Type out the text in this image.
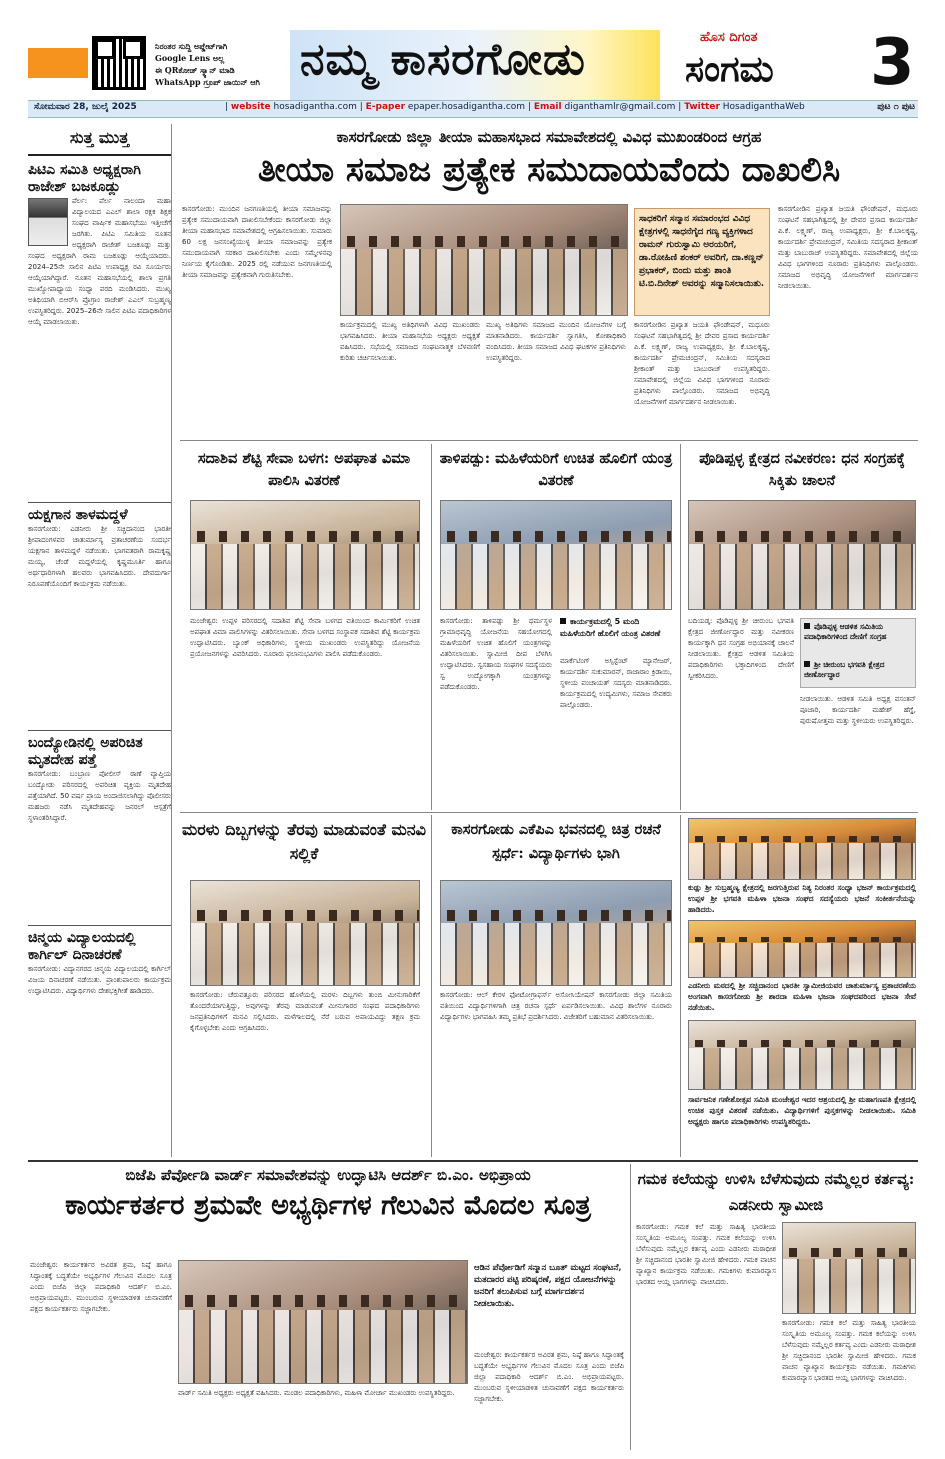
ನಿರಂತರ ಸುದ್ದಿ ಅಪ್ಡೇಟ್‌ಗಾಗಿ
Google Lens ಅಲ್ಲ
ಈ QRಕೋಡ್ ಸ್ಕ್ಯಾನ್ ಮಾಡಿ
WhatsApp ಗ್ರೂಪ್ ಜಾಯಿನ್ ಆಗಿ ನಮ್ಮ ಕಾಸರಗೋಡು	ಹೊಸ ದಿಗಂತ
ಸಂಗಮ 3
ಸೋಮವಾರ 28, ಜುಲೈ 2025	| website hosadigantha.com | E-paper epaper.hosadigantha.com | Email diganthamlr@gmail.com | Twitter HosadiganthaWeb	ಪುಟ ೧ ಪುಟ
ಸುತ್ತ ಮುತ್ತ
ಪಿಟಿಎ ಸಮಿತಿ ಅಧ್ಯಕ್ಷರಾಗಿ ರಾಜೇಶ್ ಬಜಕೂಡ್ಲು
ಪೆರ್ಲ: ಪೆರ್ಲ ನಾಲಂದಾ ಮಹಾ ವಿದ್ಯಾಲಯದ ಎಎಲ್ ಶಾಲಾ ರಕ್ಷಕ ಶಿಕ್ಷಕ ಸಂಘದ ವಾರ್ಷಿಕ ಮಹಾಸಭೆಯು ಇತ್ತೀಚೆಗೆ ಜರಗಿತು. ಪಿಟಿಎ ಸಮಿತಿಯ ನೂತನ ಅಧ್ಯಕ್ಷರಾಗಿ ರಾಜೇಶ್ ಬಜಕೂಡ್ಲು ಮತ್ತು ಸಂಘದ ಅಧ್ಯಕ್ಷರಾಗಿ ರಾಮ ಬಜಕೂಡ್ಲು ಆಯ್ಕೆಯಾದರು. 2024–25ನೇ ಸಾಲಿನ ಪಿಟಿಎ ಉಪಾಧ್ಯಕ್ಷ ರವಿ ಸೂರ್ಯರು ಆಯ್ಕೆಯಾಗಿದ್ದಾರೆ. ನೂತನ ಮಹಾಸಭೆಯಲ್ಲಿ ಶಾಲಾ ಪ್ರಗತಿ ಮುಖ್ಯೋಪಾಧ್ಯಾಯ ಸಂಧ್ಯಾ ವರದಿ ಮಂಡಿಸಿದರು. ಮುಖ್ಯ ಅತಿಥಿಯಾಗಿ ಬಿಆರ್‌ಸಿ ಪ್ರೊಗ್ರಾಂ ರಾಜೇಶ್ ಎಎಲ್ ಸುಬ್ರಹ್ಮಣ್ಯ ಉಪಸ್ಥಿತರಿದ್ದರು. 2025–26ನೇ ಸಾಲಿನ ಪಿಟಿಎ ಪದಾಧಿಕಾರಿಗಳ ಆಯ್ಕೆ ಮಾಡಲಾಯಿತು.
ಯಕ್ಷಗಾನ ತಾಳಮದ್ದಳೆ
ಕಾಸರಗೋಡು: ಎಡನೀರು ಶ್ರೀ ಸಚ್ಚಿದಾನಂದ ಭಾರತೀ ಶ್ರೀಪಾದಂಗಳವರ ಚಾತುರ್ಮಾಸ್ಯ ವ್ರತಾಚರಣೆಯ ಸಂದರ್ಭ ಯಕ್ಷಗಾನ ತಾಳಮದ್ದಳೆ ನಡೆಯಿತು. ಭಾಗವತರಾಗಿ ರಾಮಕೃಷ್ಣ ಮಯ್ಯ, ಚೆಂಡೆ ಮದ್ದಳೆಯಲ್ಲಿ ಕೃಷ್ಣಮೂರ್ತಿ ಹಾಗೂ ಅರ್ಥಧಾರಿಗಳಾಗಿ ಹಲವರು ಭಾಗವಹಿಸಿದರು. ದೇವದುರ್ಗಾ ನಿರೂಪಣೆಯೊಂದಿಗೆ ಕಾರ್ಯಕ್ರಮ ನಡೆಯಿತು.
ಬಂದ್ಯೋಡಿನಲ್ಲಿ ಅಪರಿಚಿತ ಮೃತದೇಹ ಪತ್ತೆ
ಕಾಸರಗೋಡು: ಬಂಬ್ರಾಣ ಪೋಲೀಸ್ ಠಾಣೆ ವ್ಯಾಪ್ತಿಯ ಬಂದ್ಯೋಡು ಪರಿಸರದಲ್ಲಿ ಅಪರಿಚಿತ ವ್ಯಕ್ತಿಯ ಮೃತದೇಹ ಪತ್ತೆಯಾಗಿದೆ. 50 ವರ್ಷ ಪ್ರಾಯ ಅಂದಾಜಿಸಲಾಗಿದ್ದು ಪೊಲೀಸರು ಮಹಜರು ನಡೆಸಿ ಮೃತದೇಹವನ್ನು ಜನರಲ್ ಆಸ್ಪತ್ರೆಗೆ ಸ್ಥಳಾಂತರಿಸಿದ್ದಾರೆ.
ಚಿನ್ಮಯ ವಿದ್ಯಾಲಯದಲ್ಲಿ ಕಾರ್ಗಿಲ್ ದಿನಾಚರಣೆ
ಕಾಸರಗೋಡು: ವಿದ್ಯಾನಗರದ ಚಿನ್ಮಯ ವಿದ್ಯಾಲಯದಲ್ಲಿ ಕಾರ್ಗಿಲ್ ವಿಜಯ ದಿನಾಚರಣೆ ನಡೆಯಿತು. ಪ್ರಾಂಶುಪಾಲರು ಕಾರ್ಯಕ್ರಮ ಉದ್ಘಾಟಿಸಿದರು. ವಿದ್ಯಾರ್ಥಿಗಳು ದೇಶಭಕ್ತಿಗೀತೆ ಹಾಡಿದರು.
ಕಾಸರಗೋಡು ಜಿಲ್ಲಾ ತೀಯಾ ಮಹಾಸಭಾದ ಸಮಾವೇಶದಲ್ಲಿ ವಿವಿಧ ಮುಖಂಡರಿಂದ ಆಗ್ರಹ
ತೀಯಾ ಸಮಾಜ ಪ್ರತ್ಯೇಕ ಸಮುದಾಯವೆಂದು ದಾಖಲಿಸಿ
ಕಾಸರಗೋಡು: ಮುಂದಿನ ಜನಗಣತಿಯಲ್ಲಿ ತೀಯಾ ಸಮಾಜವನ್ನು ಪ್ರತ್ಯೇಕ ಸಮುದಾಯವಾಗಿ ದಾಖಲಿಸಬೇಕೆಂದು ಕಾಸರಗೋಡು ಜಿಲ್ಲಾ ತೀಯಾ ಮಹಾಸಭಾದ ಸಮಾವೇಶದಲ್ಲಿ ಆಗ್ರಹಿಸಲಾಯಿತು. ಸುಮಾರು 60 ಲಕ್ಷ ಜನಸಂಖ್ಯೆಯುಳ್ಳ ತೀಯಾ ಸಮಾಜವನ್ನು ಪ್ರತ್ಯೇಕ ಸಮುದಾಯವಾಗಿ ಸರಕಾರ ದಾಖಲಿಸಬೇಕು ಎಂದು ಸಮ್ಮೇಳನವು ನಿರ್ಣಯ ಕೈಗೊಂಡಿತು. 2025 ರಲ್ಲಿ ನಡೆಯುವ ಜನಗಣತಿಯಲ್ಲಿ ತೀಯಾ ಸಮಾಜವನ್ನು ಪ್ರತ್ಯೇಕವಾಗಿ ಗುರುತಿಸಬೇಕು.
ಕಾರ್ಯಕ್ರಮದಲ್ಲಿ ಮುಖ್ಯ ಅತಿಥಿಗಳಾಗಿ ವಿವಿಧ ಮುಖಂಡರು ಭಾಗವಹಿಸಿದರು. ತೀಯಾ ಮಹಾಸಭೆಯ ಅಧ್ಯಕ್ಷರು ಅಧ್ಯಕ್ಷತೆ ವಹಿಸಿದರು. ಸಭೆಯಲ್ಲಿ ಸಮಾಜದ ಸಂಘಟನಾತ್ಮಕ ಬೆಳವಣಿಗೆ ಕುರಿತು ಚರ್ಚಿಸಲಾಯಿತು.
ಮುಖ್ಯ ಅತಿಥಿಗಳು ಸಮಾಜದ ಮುಂದಿನ ಯೋಜನೆಗಳ ಬಗ್ಗೆ ಮಾತನಾಡಿದರು. ಕಾರ್ಯದರ್ಶಿ ಸ್ವಾಗತಿಸಿ, ಕೋಶಾಧಿಕಾರಿ ವಂದಿಸಿದರು. ತೀಯಾ ಸಮಾಜದ ವಿವಿಧ ಘಟಕಗಳ ಪ್ರತಿನಿಧಿಗಳು ಉಪಸ್ಥಿತರಿದ್ದರು.
ಸಾಧಕರಿಗೆ ಸನ್ಮಾನ ಸಮಾರಂಭದ ವಿವಿಧ ಕ್ಷೇತ್ರಗಳಲ್ಲಿ ಸಾಧನೆಗೈದ ಗಣ್ಯ ವ್ಯಕ್ತಿಗಳಾದ ರಾಮನ್ ಗುರುಸ್ವಾಮಿ ಅರಯರಿಗೆ, ಡಾ.ರೋಹಿಣಿ ಶಂಕರ್ ಅವರಿಗೆ, ದಾ.ಕಣ್ಣನ್ ಪ್ರಭಾಕರ್, ಬಿಂದು ಮತ್ತು ಶಾಂತಿ ಟಿ.ಬಿ.ದಿನೇಶ್ ಅವರನ್ನು ಸನ್ಮಾನಿಸಲಾಯಿತು.
ಕಾಸರಗೋಡಿನ ಪ್ರಖ್ಯಾತ ಜಯತಿ ಫೌಂಡೇಷನ್, ಮಧೂರು ಸಂಘಟನೆ ಸಹಭಾಗಿತ್ವದಲ್ಲಿ ಶ್ರೀ ದೇವರ ಪ್ರಸಾದ ಕಾರ್ಯದರ್ಶಿ ಪಿ.ಕೆ. ಲಕ್ಷ್ಮಣ್, ರಾಜ್ಯ ಉಪಾಧ್ಯಕ್ಷರು, ಶ್ರೀ ಕೆ.ಬಾಲಕೃಷ್ಣ, ಕಾರ್ಯದರ್ಶಿ ಪ್ರೇಮಚಂದ್ರನ್, ಸಮಿತಿಯ ಸದಸ್ಯರಾದ ಶ್ರೀಕಾಂತ್ ಮತ್ತು ಬಾಬುರಾಜ್ ಉಪಸ್ಥಿತರಿದ್ದರು. ಸಮಾವೇಶದಲ್ಲಿ ಜಿಲ್ಲೆಯ ವಿವಿಧ ಭಾಗಗಳಿಂದ ನೂರಾರು ಪ್ರತಿನಿಧಿಗಳು ಪಾಲ್ಗೊಂಡರು. ಸಮಾಜದ ಅಭಿವೃದ್ಧಿ ಯೋಜನೆಗಳಿಗೆ ಮಾರ್ಗದರ್ಶನ ನೀಡಲಾಯಿತು.
ಕಾಸರಗೋಡಿನ ಪ್ರಖ್ಯಾತ ಜಯತಿ ಫೌಂಡೇಷನ್, ಮಧೂರು ಸಂಘಟನೆ ಸಹಭಾಗಿತ್ವದಲ್ಲಿ ಶ್ರೀ ದೇವರ ಪ್ರಸಾದ ಕಾರ್ಯದರ್ಶಿ ಪಿ.ಕೆ. ಲಕ್ಷ್ಮಣ್, ರಾಜ್ಯ ಉಪಾಧ್ಯಕ್ಷರು, ಶ್ರೀ ಕೆ.ಬಾಲಕೃಷ್ಣ, ಕಾರ್ಯದರ್ಶಿ ಪ್ರೇಮಚಂದ್ರನ್, ಸಮಿತಿಯ ಸದಸ್ಯರಾದ ಶ್ರೀಕಾಂತ್ ಮತ್ತು ಬಾಬುರಾಜ್ ಉಪಸ್ಥಿತರಿದ್ದರು. ಸಮಾವೇಶದಲ್ಲಿ ಜಿಲ್ಲೆಯ ವಿವಿಧ ಭಾಗಗಳಿಂದ ನೂರಾರು ಪ್ರತಿನಿಧಿಗಳು ಪಾಲ್ಗೊಂಡರು. ಸಮಾಜದ ಅಭಿವೃದ್ಧಿ ಯೋಜನೆಗಳಿಗೆ ಮಾರ್ಗದರ್ಶನ ನೀಡಲಾಯಿತು.
ಸದಾಶಿವ ಶೆಟ್ಟಿ ಸೇವಾ ಬಳಗ: ಅಪಘಾತ ವಿಮಾ ಪಾಲಿಸಿ ವಿತರಣೆ
ಮಂಜೇಶ್ವರ: ಉಪ್ಪಳ ಪರಿಸರದಲ್ಲಿ ಸದಾಶಿವ ಶೆಟ್ಟಿ ಸೇವಾ ಬಳಗದ ವತಿಯಿಂದ ಕಾರ್ಮಿಕರಿಗೆ ಉಚಿತ ಅಪಘಾತ ವಿಮಾ ಪಾಲಿಸಿಗಳನ್ನು ವಿತರಿಸಲಾಯಿತು. ಸೇವಾ ಬಳಗದ ಸಂಸ್ಥಾಪಕ ಸದಾಶಿವ ಶೆಟ್ಟಿ ಕಾರ್ಯಕ್ರಮ ಉದ್ಘಾಟಿಸಿದರು. ಬ್ಯಾಂಕ್ ಅಧಿಕಾರಿಗಳು, ಸ್ಥಳೀಯ ಮುಖಂಡರು ಉಪಸ್ಥಿತರಿದ್ದು ಯೋಜನೆಯ ಪ್ರಯೋಜನಗಳನ್ನು ವಿವರಿಸಿದರು. ನೂರಾರು ಫಲಾನುಭವಿಗಳು ಪಾಲಿಸಿ ಪಡೆದುಕೊಂಡರು.
ತಾಳಿಪಡ್ಪು: ಮಹಿಳೆಯರಿಗೆ ಉಚಿತ ಹೊಲಿಗೆ ಯಂತ್ರ ವಿತರಣೆ
ಕಾಸರಗೋಡು: ತಾಳಿಪಡ್ಪು ಶ್ರೀ ಧರ್ಮಸ್ಥಳ ಗ್ರಾಮಾಭಿವೃದ್ಧಿ ಯೋಜನೆಯ ಸಹಯೋಗದಲ್ಲಿ ಮಹಿಳೆಯರಿಗೆ ಉಚಿತ ಹೊಲಿಗೆ ಯಂತ್ರಗಳನ್ನು ವಿತರಿಸಲಾಯಿತು. ಸ್ವಾಮೀಜಿ ದೀಪ ಬೆಳಗಿಸಿ ಉದ್ಘಾಟಿಸಿದರು. ಸ್ವಸಹಾಯ ಸಂಘಗಳ ಸದಸ್ಯೆಯರು ಸ್ವ ಉದ್ಯೋಗಕ್ಕಾಗಿ ಯಂತ್ರಗಳನ್ನು ಪಡೆದುಕೊಂಡರು.
ಕಾರ್ಯಕ್ರಮದಲ್ಲಿ 5 ಮಂದಿ ಮಹಿಳೆಯರಿಗೆ ಹೊಲಿಗೆ ಯಂತ್ರ ವಿತರಣೆ
ಮಾರ್ಕೆಟಿಂಗ್ ಅಸ್ಸಿಸ್ಟೆಂಟ್ ಮ್ಯಾನೇಜರ್, ಕಾರ್ಯದರ್ಶಿ ಸುಕುಮಾರನ್, ರಾಜಾರಾಂ ಕ್ರಿಡಾಯಿ, ಸ್ಥಳೀಯ ಪಂಚಾಯತ್ ಸದಸ್ಯರು ಮಾತನಾಡಿದರು. ಕಾರ್ಯಕ್ರಮದಲ್ಲಿ ಉದ್ಯಮಿಗಳು, ಸಮಾಜ ಸೇವಕರು ಪಾಲ್ಗೊಂಡರು.
ಪೊಡಿಪ್ಪಳ್ಳ ಕ್ಷೇತ್ರದ ನವೀಕರಣ: ಧನ ಸಂಗ್ರಹಕ್ಕೆ ಸಿಕ್ಕಿತು ಚಾಲನೆ
ಬದಿಯಡ್ಕ: ಪೊಡಿಪ್ಪಳ್ಳ ಶ್ರೀ ಚೀರುಂಬ ಭಗವತಿ ಕ್ಷೇತ್ರದ ಜೀರ್ಣೋದ್ಧಾರ ಮತ್ತು ನವೀಕರಣ ಕಾರ್ಯಕ್ಕಾಗಿ ಧನ ಸಂಗ್ರಹ ಅಭಿಯಾನಕ್ಕೆ ಚಾಲನೆ ನೀಡಲಾಯಿತು. ಕ್ಷೇತ್ರದ ಆಡಳಿತ ಸಮಿತಿಯ ಪದಾಧಿಕಾರಿಗಳು ಭಕ್ತಾದಿಗಳಿಂದ ದೇಣಿಗೆ ಸ್ವೀಕರಿಸಿದರು.
ಪೊಡಿಪ್ಪಳ್ಳ ಆಡಳಿತ ಸಮಿತಿಯ ಪದಾಧಿಕಾರಿಗಳಿಂದ ದೇಣಿಗೆ ಸಂಗ್ರಹ
ಶ್ರೀ ಚೀರುಂಬ ಭಗವತಿ ಕ್ಷೇತ್ರದ ಜೀರ್ಣೋದ್ಧಾರ
ನೀಡಲಾಯಿತು. ಆಡಳಿತ ಸಮಿತಿ ಅಧ್ಯಕ್ಷ ವಸಂತನ್ ಪೂಜಾರಿ, ಕಾರ್ಯದರ್ಶಿ ಮಹೇಶ್ ಹೆಗ್ಡೆ, ಪುರುಷೋತ್ತಮ ಮತ್ತು ಸ್ಥಳೀಯರು ಉಪಸ್ಥಿತರಿದ್ದರು.
ಮರಳು ದಿಬ್ಬಗಳನ್ನು ತೆರವು ಮಾಡುವಂತೆ ಮನವಿ ಸಲ್ಲಿಕೆ
ಕಾಸರಗೋಡು: ಚೆರುವತ್ತೂರು ಪರಿಸರದ ಹೊಳೆಯಲ್ಲಿ ಮರಳು ದಿಬ್ಬಗಳು ತುಂಬಿ ಮೀನುಗಾರಿಕೆಗೆ ತೊಂದರೆಯಾಗುತ್ತಿದ್ದು, ಅವುಗಳನ್ನು ತೆರವು ಮಾಡುವಂತೆ ಮೀನುಗಾರರ ಸಂಘದ ಪದಾಧಿಕಾರಿಗಳು ಜನಪ್ರತಿನಿಧಿಗಳಿಗೆ ಮನವಿ ಸಲ್ಲಿಸಿದರು. ಮಳೆಗಾಲದಲ್ಲಿ ನೆರೆ ಬರುವ ಅಪಾಯವಿದ್ದು ತಕ್ಷಣ ಕ್ರಮ ಕೈಗೊಳ್ಳಬೇಕು ಎಂದು ಆಗ್ರಹಿಸಿದರು.
ಕಾಸರಗೋಡು ಎಕೆಪಿಎ ಭವನದಲ್ಲಿ ಚಿತ್ರ ರಚನೆ ಸ್ಪರ್ಧೆ: ವಿದ್ಯಾರ್ಥಿಗಳು ಭಾಗಿ
ಕಾಸರಗೋಡು: ಆಲ್ ಕೇರಳ ಫೋಟೋಗ್ರಾಫರ್ಸ್ ಅಸೋಸಿಯೇಷನ್ ಕಾಸರಗೋಡು ಜಿಲ್ಲಾ ಸಮಿತಿಯ ವತಿಯಿಂದ ವಿದ್ಯಾರ್ಥಿಗಳಿಗಾಗಿ ಚಿತ್ರ ರಚನಾ ಸ್ಪರ್ಧೆ ಏರ್ಪಡಿಸಲಾಯಿತು. ವಿವಿಧ ಶಾಲೆಗಳ ನೂರಾರು ವಿದ್ಯಾರ್ಥಿಗಳು ಭಾಗವಹಿಸಿ ತಮ್ಮ ಪ್ರತಿಭೆ ಪ್ರದರ್ಶಿಸಿದರು. ವಿಜೇತರಿಗೆ ಬಹುಮಾನ ವಿತರಿಸಲಾಯಿತು.
ಕುಡ್ಲು ಶ್ರೀ ಸುಬ್ರಹ್ಮಣ್ಯ ಕ್ಷೇತ್ರದಲ್ಲಿ ಜರಗುತ್ತಿರುವ ನಿತ್ಯ ನಿರಂತರ ಸಂಧ್ಯಾ ಭಜನ್ ಕಾರ್ಯಕ್ರಮದಲ್ಲಿ ಉಪ್ಪಳ ಶ್ರೀ ಭಗವತಿ ಮಹಿಳಾ ಭಜನಾ ಸಂಘದ ಸದಸ್ಯೆಯರು ಭಜನೆ ಸಂಕೀರ್ತನೆಯನ್ನು ಹಾಡಿದರು.
ಎಡನೀರು ಮಠದಲ್ಲಿ ಶ್ರೀ ಸಚ್ಚಿದಾನಂದ ಭಾರತೀ ಸ್ವಾಮೀಜಿಯವರ ಚಾತುರ್ಮಾಸ್ಯ ವ್ರತಾಚರಣೆಯ ಅಂಗವಾಗಿ ಕಾಸರಗೋಡು ಶ್ರೀ ಶಾರದಾ ಮಹಿಳಾ ಭಜನಾ ಸಂಘದವರಿಂದ ಭಜನಾ ಸೇವೆ ನಡೆಯಿತು.
ಸಾರ್ವಜನಿಕ ಗಣೇಶೋತ್ಸವ ಸಮಿತಿ ಮಂಜೇಶ್ವರ ಇದರ ಆಶ್ರಯದಲ್ಲಿ ಶ್ರೀ ಮಹಾಗಣಪತಿ ಕ್ಷೇತ್ರದಲ್ಲಿ ಉಚಿತ ಪುಸ್ತಕ ವಿತರಣೆ ನಡೆಯಿತು. ವಿದ್ಯಾರ್ಥಿಗಳಿಗೆ ಪುಸ್ತಕಗಳನ್ನು ನೀಡಲಾಯಿತು. ಸಮಿತಿ ಅಧ್ಯಕ್ಷರು ಹಾಗೂ ಪದಾಧಿಕಾರಿಗಳು ಉಪಸ್ಥಿತರಿದ್ದರು.
ಬಿಜೆಪಿ ಪೆರ್ವೋಡಿ ವಾರ್ಡ್ ಸಮಾವೇಶವನ್ನು ಉದ್ಘಾಟಿಸಿ ಆದರ್ಶ್ ಬಿ.ಎಂ. ಅಭಿಪ್ರಾಯ
ಕಾರ್ಯಕರ್ತರ ಶ್ರಮವೇ ಅಭ್ಯರ್ಥಿಗಳ ಗೆಲುವಿನ ಮೊದಲ ಸೂತ್ರ
ಮಂಜೇಶ್ವರ: ಕಾರ್ಯಕರ್ತರ ಅವಿರತ ಶ್ರಮ, ನಿಷ್ಠೆ ಹಾಗೂ ಸಿದ್ಧಾಂತಕ್ಕೆ ಬದ್ಧತೆಯೇ ಅಭ್ಯರ್ಥಿಗಳ ಗೆಲುವಿನ ಮೊದಲ ಸೂತ್ರ ಎಂದು ಬಿಜೆಪಿ ಜಿಲ್ಲಾ ಪದಾಧಿಕಾರಿ ಆದರ್ಶ್ ಬಿ.ಎಂ. ಅಭಿಪ್ರಾಯಪಟ್ಟರು. ಮುಂಬರುವ ಸ್ಥಳೀಯಾಡಳಿತ ಚುನಾವಣೆಗೆ ಪಕ್ಷದ ಕಾರ್ಯಕರ್ತರು ಸಜ್ಜಾಗಬೇಕು.
ವಾರ್ಡ್ ಸಮಿತಿ ಅಧ್ಯಕ್ಷರು ಅಧ್ಯಕ್ಷತೆ ವಹಿಸಿದರು. ಮಂಡಲ ಪದಾಧಿಕಾರಿಗಳು, ಮಹಿಳಾ ಮೋರ್ಚಾ ಮುಖಂಡರು ಉಪಸ್ಥಿತರಿದ್ದರು.
ಆಡಿನ ಪೆರ್ವೋಡಿಗೆ ಸನ್ಮಾನ ಬೂತ್ ಮಟ್ಟದ ಸಂಘಟನೆ, ಮತದಾರರ ಪಟ್ಟಿ ಪರಿಷ್ಕರಣೆ, ಪಕ್ಷದ ಯೋಜನೆಗಳನ್ನು ಜನರಿಗೆ ತಲುಪಿಸುವ ಬಗ್ಗೆ ಮಾರ್ಗದರ್ಶನ ನೀಡಲಾಯಿತು.
ಮಂಜೇಶ್ವರ: ಕಾರ್ಯಕರ್ತರ ಅವಿರತ ಶ್ರಮ, ನಿಷ್ಠೆ ಹಾಗೂ ಸಿದ್ಧಾಂತಕ್ಕೆ ಬದ್ಧತೆಯೇ ಅಭ್ಯರ್ಥಿಗಳ ಗೆಲುವಿನ ಮೊದಲ ಸೂತ್ರ ಎಂದು ಬಿಜೆಪಿ ಜಿಲ್ಲಾ ಪದಾಧಿಕಾರಿ ಆದರ್ಶ್ ಬಿ.ಎಂ. ಅಭಿಪ್ರಾಯಪಟ್ಟರು. ಮುಂಬರುವ ಸ್ಥಳೀಯಾಡಳಿತ ಚುನಾವಣೆಗೆ ಪಕ್ಷದ ಕಾರ್ಯಕರ್ತರು ಸಜ್ಜಾಗಬೇಕು.
ಗಮಕ ಕಲೆಯನ್ನು ಉಳಿಸಿ ಬೆಳೆಸುವುದು ನಮ್ಮೆಲ್ಲರ ಕರ್ತವ್ಯ: ಎಡನೀರು ಸ್ವಾಮೀಜಿ
ಕಾಸರಗೋಡು: ಗಮಕ ಕಲೆ ಮತ್ತು ಸಾಹಿತ್ಯ ಭಾರತೀಯ ಸಂಸ್ಕೃತಿಯ ಅಮೂಲ್ಯ ಸಂಪತ್ತು. ಗಮಕ ಕಲೆಯನ್ನು ಉಳಿಸಿ ಬೆಳೆಸುವುದು ನಮ್ಮೆಲ್ಲರ ಕರ್ತವ್ಯ ಎಂದು ಎಡನೀರು ಮಠಾಧೀಶ ಶ್ರೀ ಸಚ್ಚಿದಾನಂದ ಭಾರತೀ ಸ್ವಾಮೀಜಿ ಹೇಳಿದರು. ಗಮಕ ವಾಚನ ವ್ಯಾಖ್ಯಾನ ಕಾರ್ಯಕ್ರಮ ನಡೆಯಿತು. ಗಮಕಿಗಳು ಕುಮಾರವ್ಯಾಸ ಭಾರತದ ಆಯ್ದ ಭಾಗಗಳನ್ನು ವಾಚಿಸಿದರು.
ಕಾಸರಗೋಡು: ಗಮಕ ಕಲೆ ಮತ್ತು ಸಾಹಿತ್ಯ ಭಾರತೀಯ ಸಂಸ್ಕೃತಿಯ ಅಮೂಲ್ಯ ಸಂಪತ್ತು. ಗಮಕ ಕಲೆಯನ್ನು ಉಳಿಸಿ ಬೆಳೆಸುವುದು ನಮ್ಮೆಲ್ಲರ ಕರ್ತವ್ಯ ಎಂದು ಎಡನೀರು ಮಠಾಧೀಶ ಶ್ರೀ ಸಚ್ಚಿದಾನಂದ ಭಾರತೀ ಸ್ವಾಮೀಜಿ ಹೇಳಿದರು. ಗಮಕ ವಾಚನ ವ್ಯಾಖ್ಯಾನ ಕಾರ್ಯಕ್ರಮ ನಡೆಯಿತು. ಗಮಕಿಗಳು ಕುಮಾರವ್ಯಾಸ ಭಾರತದ ಆಯ್ದ ಭಾಗಗಳನ್ನು ವಾಚಿಸಿದರು.
